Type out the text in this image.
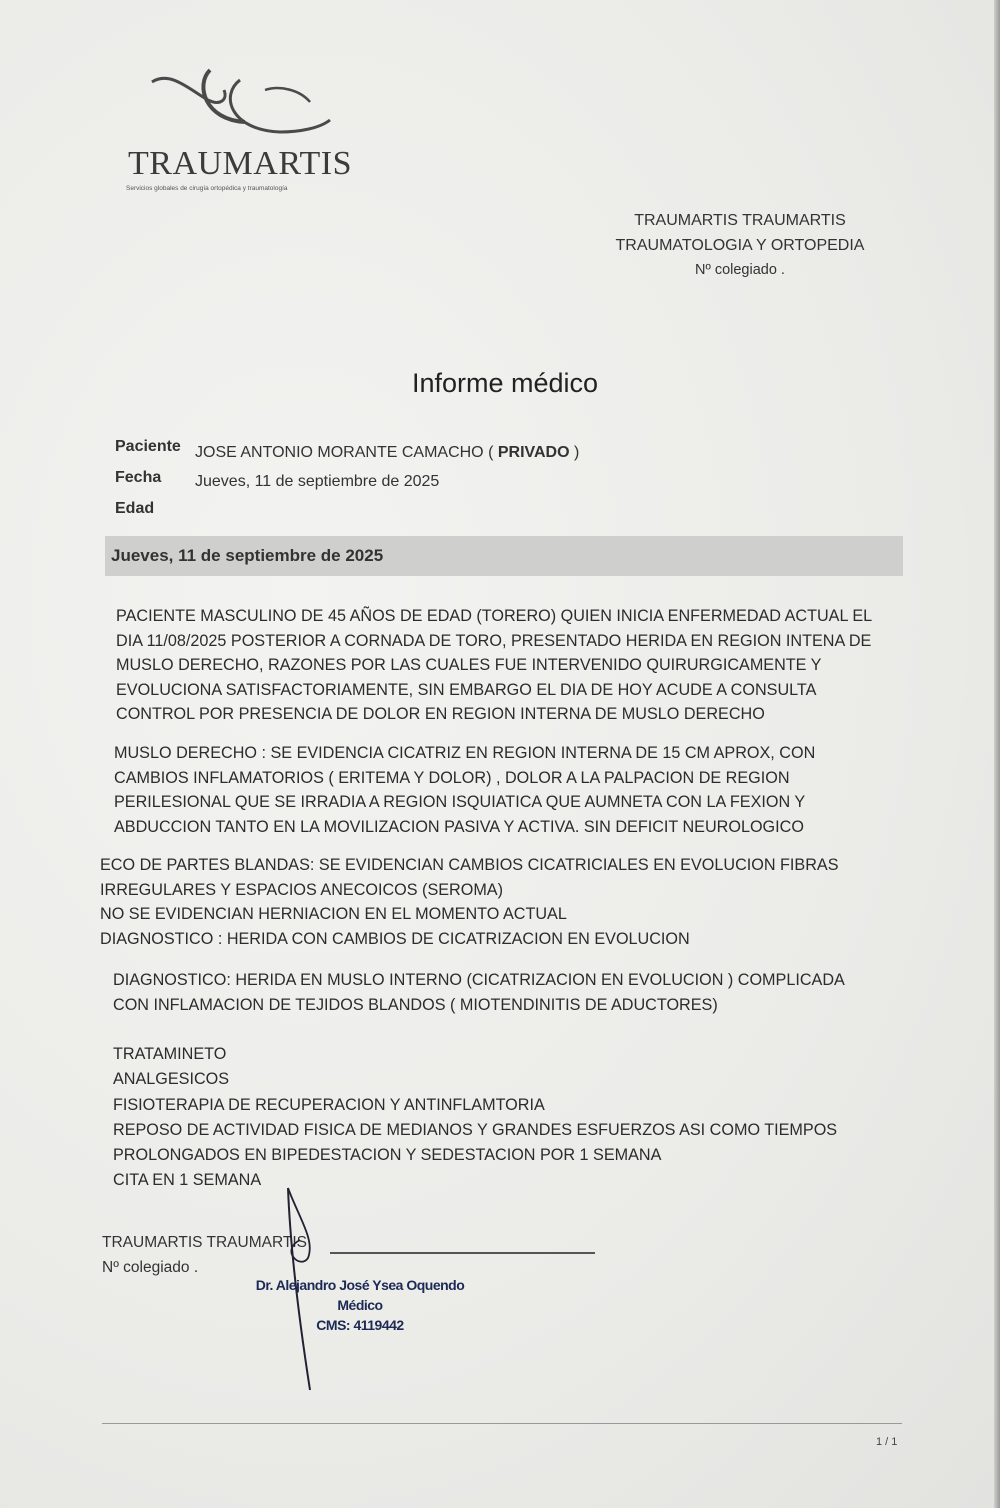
TRAUMARTIS
Servicios globales de cirugía ortopédica y traumatología
TRAUMARTIS TRAUMARTIS
TRAUMATOLOGIA Y ORTOPEDIA
Nº colegiado .
Informe médico
Paciente JOSE ANTONIO MORANTE CAMACHO ( PRIVADO )
Fecha Jueves, 11 de septiembre de 2025
Edad
Jueves, 11 de septiembre de 2025
PACIENTE MASCULINO DE 45 AÑOS DE EDAD (TORERO) QUIEN INICIA ENFERMEDAD ACTUAL EL
DIA 11/08/2025 POSTERIOR A CORNADA DE TORO, PRESENTADO HERIDA EN REGION INTENA DE
MUSLO DERECHO, RAZONES POR LAS CUALES FUE INTERVENIDO QUIRURGICAMENTE Y
EVOLUCIONA SATISFACTORIAMENTE, SIN EMBARGO EL DIA DE HOY ACUDE A CONSULTA
CONTROL POR PRESENCIA DE DOLOR EN REGION INTERNA DE MUSLO DERECHO
MUSLO DERECHO : SE EVIDENCIA CICATRIZ EN REGION INTERNA DE 15 CM APROX, CON
CAMBIOS INFLAMATORIOS ( ERITEMA Y DOLOR) , DOLOR A LA PALPACION DE REGION
PERILESIONAL QUE SE IRRADIA A REGION ISQUIATICA QUE AUMNETA CON LA FEXION Y
ABDUCCION TANTO EN LA MOVILIZACION PASIVA Y ACTIVA. SIN DEFICIT NEUROLOGICO
ECO DE PARTES BLANDAS: SE EVIDENCIAN CAMBIOS CICATRICIALES EN EVOLUCION FIBRAS
IRREGULARES Y ESPACIOS ANECOICOS (SEROMA)
NO SE EVIDENCIAN HERNIACION EN EL MOMENTO ACTUAL
DIAGNOSTICO : HERIDA CON CAMBIOS DE CICATRIZACION EN EVOLUCION
DIAGNOSTICO: HERIDA EN MUSLO INTERNO (CICATRIZACION EN EVOLUCION ) COMPLICADA
CON INFLAMACION DE TEJIDOS BLANDOS ( MIOTENDINITIS DE ADUCTORES)
TRATAMINETO
ANALGESICOS
FISIOTERAPIA DE RECUPERACION Y ANTINFLAMTORIA
REPOSO DE ACTIVIDAD FISICA DE MEDIANOS Y GRANDES ESFUERZOS ASI COMO TIEMPOS
PROLONGADOS EN BIPEDESTACION Y SEDESTACION POR 1 SEMANA
CITA EN 1 SEMANA
TRAUMARTIS TRAUMARTIS
Nº colegiado .
Dr. Alejandro José Ysea Oquendo
Médico
CMS: 4119442
1 / 1
